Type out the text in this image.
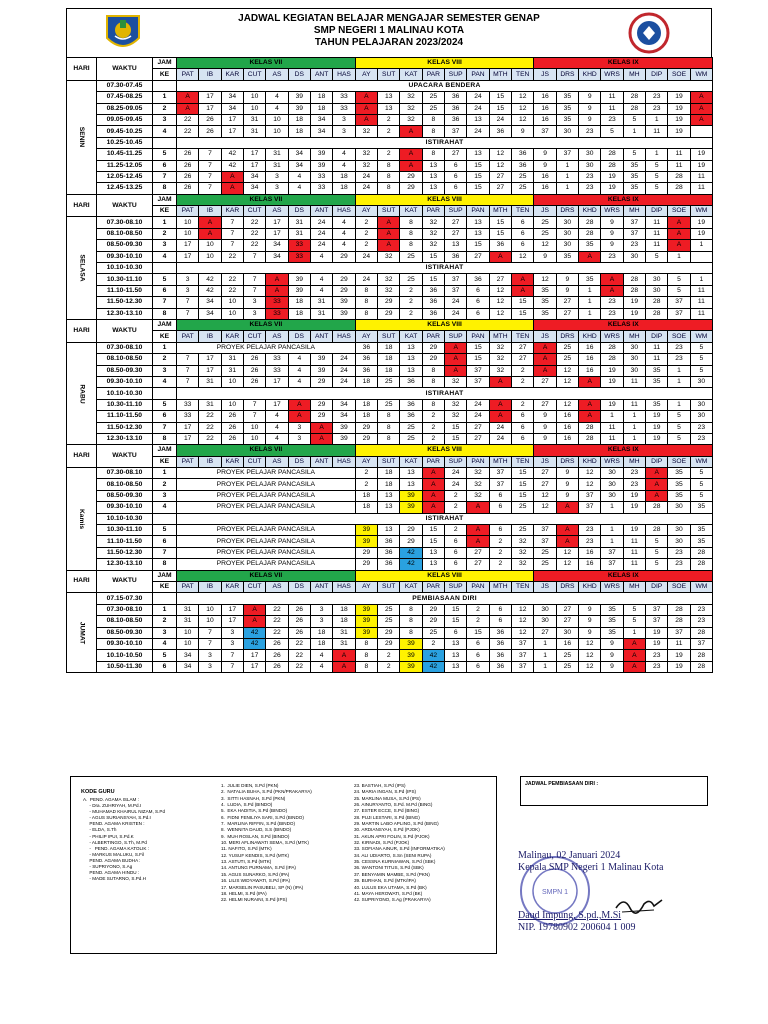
JADWAL KEGIATAN BELAJAR MENGAJAR SEMESTER GENAP
SMP NEGERI 1 MALINAU KOTA
TAHUN PELAJARAN 2023/2024
HARI	WAKTU	JAM	KELAS VII								KELAS VIII								KELAS IX							
		KE	PAT	IB	KAR	CUT	AS	DS	ANT	HAS	AY	SUT	KAT	PAR	SUP	PAN	MTH	TEN	JS	DRS	KHD	WRS	MH	DIP	SOE	WM
SENIN	07.30-07.45		UPACARA BENDERA																							
	07.45-08.25	1	A	17	34	10	4	39	18	33	A	13	32	25	36	24	15	12	16	35	9	11	28	23	19	A
	08.25-09.05	2	A	17	34	10	4	39	18	33	A	13	32	25	36	24	15	12	16	35	9	11	28	23	19	A
	09.05-09.45	3	22	26	17	31	10	18	34	3	A	2	32	8	36	13	24	12	16	35	9	23	5	1	19	A
	09.45-10.25	4	22	26	17	31	10	18	34	3	32	2	A	8	37	24	36	9	37	30	23	5	1	11	19	
	10.25-10.45		ISTIRAHAT																							
	10.45-11.25	5	26	7	42	17	31	34	39	4	32	2	A	8	27	13	12	36	9	37	30	28	5	1	11	19
	11.25-12.05	6	26	7	42	17	31	34	39	4	32	8	A	13	6	15	12	36	9	1	30	28	35	5	11	19
	12.05-12.45	7	26	7	A	34	3	4	33	18	24	8	29	13	6	15	27	25	16	1	23	19	35	5	28	11
	12.45-13.25	8	26	7	A	34	3	4	33	18	24	8	29	13	6	15	27	25	16	1	23	19	35	5	28	11
HARI	WAKTU	JAM	KELAS VII								KELAS VIII								KELAS IX							
		KE	PAT	IB	KAR	CUT	AS	DS	ANT	HAS	AY	SUT	KAT	PAR	SUP	PAN	MTH	TEN	JS	DRS	KHD	WRS	MH	DIP	SOE	WM
SELASA	07.30-08.10	1	10	A	7	22	17	31	24	4	2	A	8	32	27	13	15	6	25	30	28	9	37	11	A	19
	08.10-08.50	2	10	A	7	22	17	31	24	4	2	A	8	32	27	13	15	6	25	30	28	9	37	11	A	19
	08.50-09.30	3	17	10	7	22	34	33	24	4	2	A	8	32	13	15	36	6	12	30	35	9	23	11	A	1
	09.30-10.10	4	17	10	22	7	34	33	4	29	24	32	25	15	36	27	A	12	9	35	A	23	30	5	1	
	10.10-10.30		ISTIRAHAT																							
	10.30-11.10	5	3	42	22	7	A	39	4	29	24	32	25	15	37	36	27	A	12	9	35	A	28	30	5	1
	11.10-11.50	6	3	42	22	7	A	39	4	29	8	32	2	36	37	6	12	A	35	9	1	A	28	30	5	11
	11.50-12.30	7	7	34	10	3	33	18	31	39	8	29	2	36	24	6	12	15	35	27	1	23	19	28	37	11
	12.30-13.10	8	7	34	10	3	33	18	31	39	8	29	2	36	24	6	12	15	35	27	1	23	19	28	37	11
HARI	WAKTU	JAM	KELAS VII								KELAS VIII								KELAS IX							
		KE	PAT	IB	KAR	CUT	AS	DS	ANT	HAS	AY	SUT	KAT	PAR	SUP	PAN	MTH	TEN	JS	DRS	KHD	WRS	MH	DIP	SOE	WM
RABU	07.30-08.10	1	PROYEK PELAJAR PANCASILA								36	18	13	29	A	15	32	27	A	25	16	28	30	11	23	5
	08.10-08.50	2	7	17	31	26	33	4	39	24	36	18	13	29	A	15	32	27	A	25	16	28	30	11	23	5
	08.50-09.30	3	7	17	31	26	33	4	39	24	36	18	13	8	A	37	32	2	A	12	16	19	30	35	1	5
	09.30-10.10	4	7	31	10	26	17	4	29	24	18	25	36	8	32	37	A	2	27	12	A	19	11	35	1	30
	10.10-10.30		ISTIRAHAT																							
	10.30-11.10	5	33	31	10	7	17	A	29	34	18	25	36	8	32	24	A	2	27	12	A	19	11	35	1	30
	11.10-11.50	6	33	22	26	7	4	A	29	34	18	8	36	2	32	24	A	6	9	16	A	1	1	19	5	30
	11.50-12.30	7	17	22	26	10	4	3	A	39	29	8	25	2	15	27	24	6	9	16	28	11	1	19	5	23
	12.30-13.10	8	17	22	26	10	4	3	A	39	29	8	25	2	15	27	24	6	9	16	28	11	1	19	5	23
HARI	WAKTU	JAM	KELAS VII								KELAS VIII								KELAS IX							
		KE	PAT	IB	KAR	CUT	AS	DS	ANT	HAS	AY	SUT	KAT	PAR	SUP	PAN	MTH	TEN	JS	DRS	KHD	WRS	MH	DIP	SOE	WM
Kamis	07.30-08.10	1	PROYEK PELAJAR PANCASILA								2	18	13	A	24	32	37	15	27	9	12	30	23	A	35	5
	08.10-08.50	2	PROYEK PELAJAR PANCASILA								2	18	13	A	24	32	37	15	27	9	12	30	23	A	35	5
	08.50-09.30	3	PROYEK PELAJAR PANCASILA								18	13	39	A	2	32	6	15	12	9	37	30	19	A	35	5
	09.30-10.10	4	PROYEK PELAJAR PANCASILA								18	13	39	A	2	A	6	25	12	A	37	1	19	28	30	35
	10.10-10.30		ISTIRAHAT																							
	10.30-11.10	5	PROYEK PELAJAR PANCASILA								39	13	29	15	2	A	6	25	37	A	23	1	19	28	30	35
	11.10-11.50	6	PROYEK PELAJAR PANCASILA								39	36	29	15	6	A	2	32	37	A	23	1	11	5	30	35
	11.50-12.30	7	PROYEK PELAJAR PANCASILA								29	36	42	13	6	27	2	32	25	12	16	37	11	5	23	28
	12.30-13.10	8	PROYEK PELAJAR PANCASILA								29	36	42	13	6	27	2	32	25	12	16	37	11	5	23	28
HARI	WAKTU	JAM	KELAS VII								KELAS VIII								KELAS IX							
		KE	PAT	IB	KAR	CUT	AS	DS	ANT	HAS	AY	SUT	KAT	PAR	SUP	PAN	MTH	TEN	JS	DRS	KHD	WRS	MH	DIP	SOE	WM
JUMAT	07.15-07.30		PEMBIASAAN DIRI																							
	07.30-08.10	1	31	10	17	A	22	26	3	18	39	25	8	29	15	2	6	12	30	27	9	35	5	37	28	23
	08.10-08.50	2	31	10	17	A	22	26	3	18	39	25	8	29	15	2	6	12	30	27	9	35	5	37	28	23
	08.50-09.30	3	10	7	3	42	22	26	18	31	39	29	8	25	6	15	36	12	27	30	9	35	1	19	37	28
	09.30-10.10	4	10	7	3	42	26	22	18	31	8	29	39	2	13	6	36	37	1	16	12	9	A	19	11	37
	10.10-10.50	5	34	3	7	17	26	22	4	A	8	2	39	42	13	6	36	37	1	25	12	9	A	23	19	28
	10.50-11.30	6	34	3	7	17	26	22	4	A	8	2	39	42	13	6	36	37	1	25	12	9	A	23	19	28
KODE GURU
A.  PEND. AGAMA ISLAM :
- Dra. ZUHRIYAH, M.Pd.I
- MUHAMAD KHAIRUL NIZAM, S.Pd
- AGUS SURIANSYAH, S.Pd.I
PEND. AGAMA KRISTEN :
- ELDA, S.Th
- PHILIP IPUI, S.Pd.K
- ALBERTINGO, S.Th, M.Pd
-   PEND. AGAMA KATOLIK :
- MARKUS MALUKU, S.Fil
PEND. AGAMA BUDHA :
- SUPRIYONO, S.Ag
PEND. AGAMA HINDU :
- MADE SUTARNO, S.Pd.H
1.  JULIE DIEN, S.Pd (PKN)
2.  NATALIA BUHA, S.Pd (PKN/PRAKARYA)
3.  SITTI HASNAH, S.Pd (PKN)
4.  LUDIA, S.Pd (BINDO)
5.  EKA HADITIA, S.Pd (BINDO)
6.  FIDNI FENILIYA SARI, S.Pd (BINDO)
7.  MARLINA RIFFIN, S.Pd (BINDO)
8.  WENNITA DAUD, S.S (BINDO)
9.  MUH ROSLAN, S.Pd (BINDO)
10. MERI AFLINAWATI SEMA, S.Pd (MTK)
11. NAFITO, S.Pd (MTK)
12. YUSUF KENDIS, S.Pd (MTK)
13. ASTUTI, S.Pd (MTK)
14. ANTUNG PURNAMA, S.Pd (IPA)
15. AGUS SUNARKO, S.Pd (IPA)
16. LILIS WIDYAWATI, S.Pd (IPA)
17. MARSELIN PASUBELI, SP (N) (IPA)
18. HELMI, S.Pd (IPA)
22. HELMI NURAINI, S.Pd (IPS)
23. BASTIAH, S.Pd (IPS)
24. MARIA INGAN, S.Pd (IPS)
25. MARLINA MUSA, S.Pd (IPS)
26. AINURYANTO, S.Pd. M.Pd (BING)
27. ESTER ECCE, S.Pd (BING)
28. PUJI LESTARI, S.Pd (BING)
29. MARTIN LABO APLING, S.Pd (BING)
30. ARDIANSYAH, S.Pd (PJOK)
31. AKUN APRI FOLIN, S.Pd (PJOK)
32. KIRNADI, S.Pd (PJOK)
33. SOFIANA AINUR, S.Pd (INFORMATIKA)
34. ALI UDIARTO, S.Sn (SENI RUPA)
35. CESSNA KURNIAWAN, S.Pd (SBK)
36. WANTONI TITUS, S.Pd (SBK)
37. BENYAMIN MAMBE, S.Pd (PKN)
39. BURHAN, S.Pd (MTK/IPA)
40. LULUS EKA UTAMA, S.Pd (BK)
41. MAYA HEROWATI, S.Pd (BK)
42. SUPRIYONO, S.Ag (PRAKARYA)
JADWAL PEMBIASAAN DIRI :
SMPN 1
Malinau, 02 Januari 2024
Kepala SMP Negeri 1 Malinau Kota
Daud Impung, S.pd.,M.Si
NIP. 19780902 200604 1 009
